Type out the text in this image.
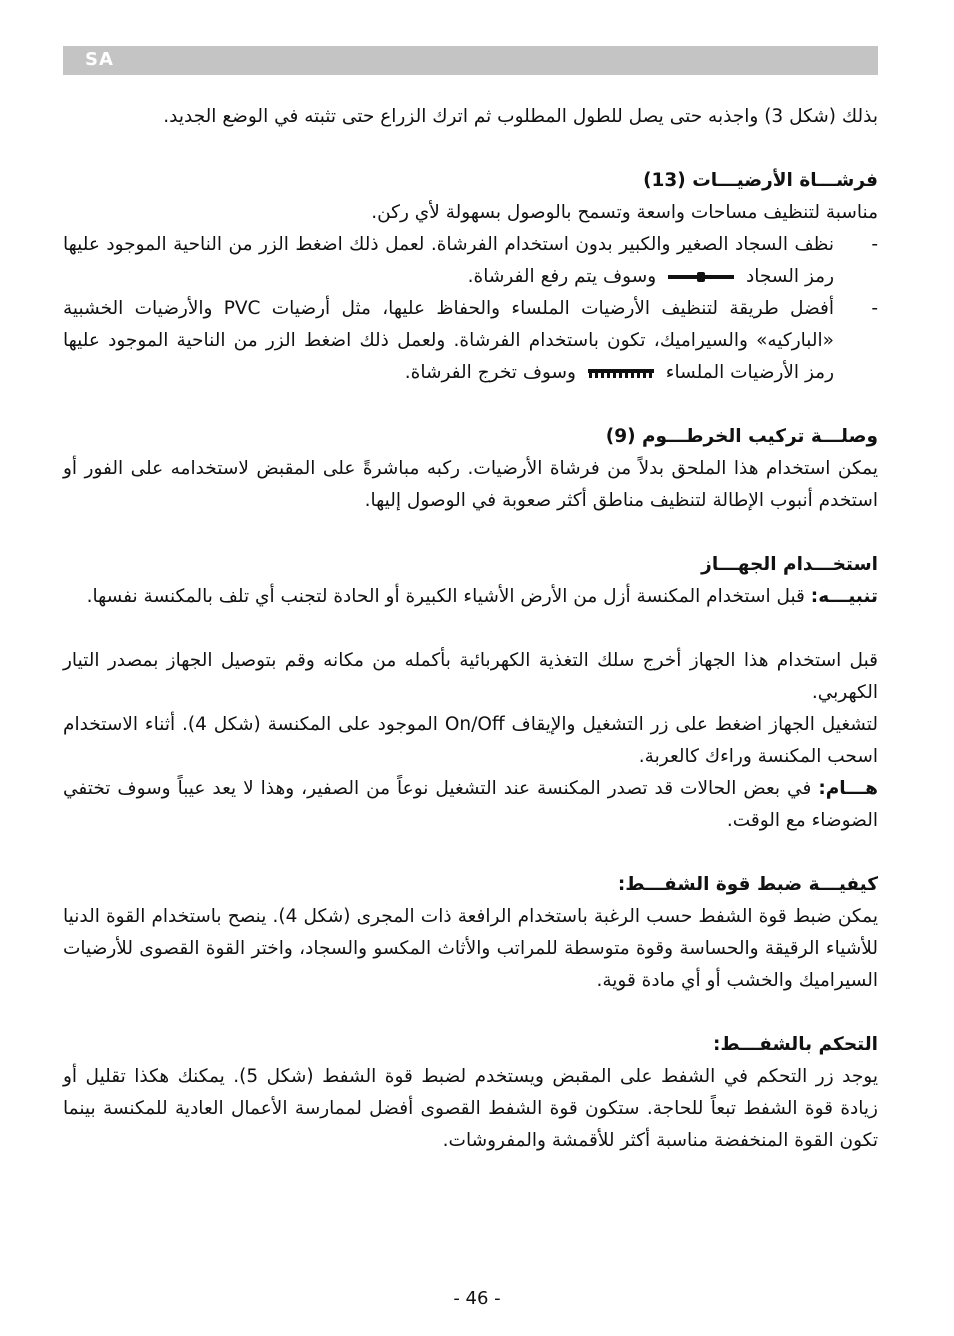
SA

بذلك (شكل 3) واجذبه حتى يصل للطول المطلوب ثم اترك الزراع حتى تثبته في الوضع الجديد.

فرشـــاة الأرضيـــات (13)

مناسبة لتنظيف مساحات واسعة وتسمح بالوصول بسهولة لأي ركن.

-
نظف السجاد الصغير والكبير بدون استخدام الفرشاة. لعمل ذلك اضغط الزر من الناحية الموجود عليها رمز السجاد  وسوف يتم رفع الفرشاة.
-
أفضل طريقة لتنظيف الأرضيات الملساء والحفاظ عليها، مثل أرضيات PVC والأرضيات الخشبية «الباركيه» والسيراميك، تكون باستخدام الفرشاة. ولعمل ذلك اضغط الزر من الناحية الموجود عليها رمز الأرضيات الملساء  وسوف تخرج الفرشاة.

وصلـــة تركيب الخرطـــوم (9)

يمكن استخدام هذا الملحق بدلاً من فرشاة الأرضيات. ركبه مباشرةً على المقبض لاستخدامه على الفور أو استخدم أنبوب الإطالة لتنظيف مناطق أكثر صعوبة في الوصول إليها.

استخـــدام الجهـــاز

تنبيـــه: قبل استخدام المكنسة أزل من الأرض الأشياء الكبيرة أو الحادة لتجنب أي تلف بالمكنسة نفسها.

قبل استخدام هذا الجهاز أخرج سلك التغذية الكهربائية بأكمله من مكانه وقم بتوصيل الجهاز بمصدر التيار الكهربي.

لتشغيل الجهاز اضغط على زر التشغيل والإيقاف On/Off الموجود على المكنسة (شكل 4). أثناء الاستخدام اسحب المكنسة وراءك كالعربة.

هـــام: في بعض الحالات قد تصدر المكنسة عند التشغيل نوعاً من الصفير، وهذا لا يعد عيباً وسوف تختفي الضوضاء مع الوقت.

كيفيـــة ضبط قوة الشفـــط:

يمكن ضبط قوة الشفط حسب الرغبة باستخدام الرافعة ذات المجرى (شكل 4). ينصح باستخدام القوة الدنيا للأشياء الرقيقة والحساسة وقوة متوسطة للمراتب والأثاث المكسو والسجاد، واختر القوة القصوى للأرضيات السيراميك والخشب أو أي مادة قوية.

التحكم بالشفـــط:

يوجد زر التحكم في الشفط على المقبض ويستخدم لضبط قوة الشفط (شكل 5). يمكنك هكذا تقليل أو زيادة قوة الشفط تبعاً للحاجة. ستكون قوة الشفط القصوى أفضل لممارسة الأعمال العادية للمكنسة بينما تكون القوة المنخفضة مناسبة أكثر للأقمشة والمفروشات.

- 46 -
